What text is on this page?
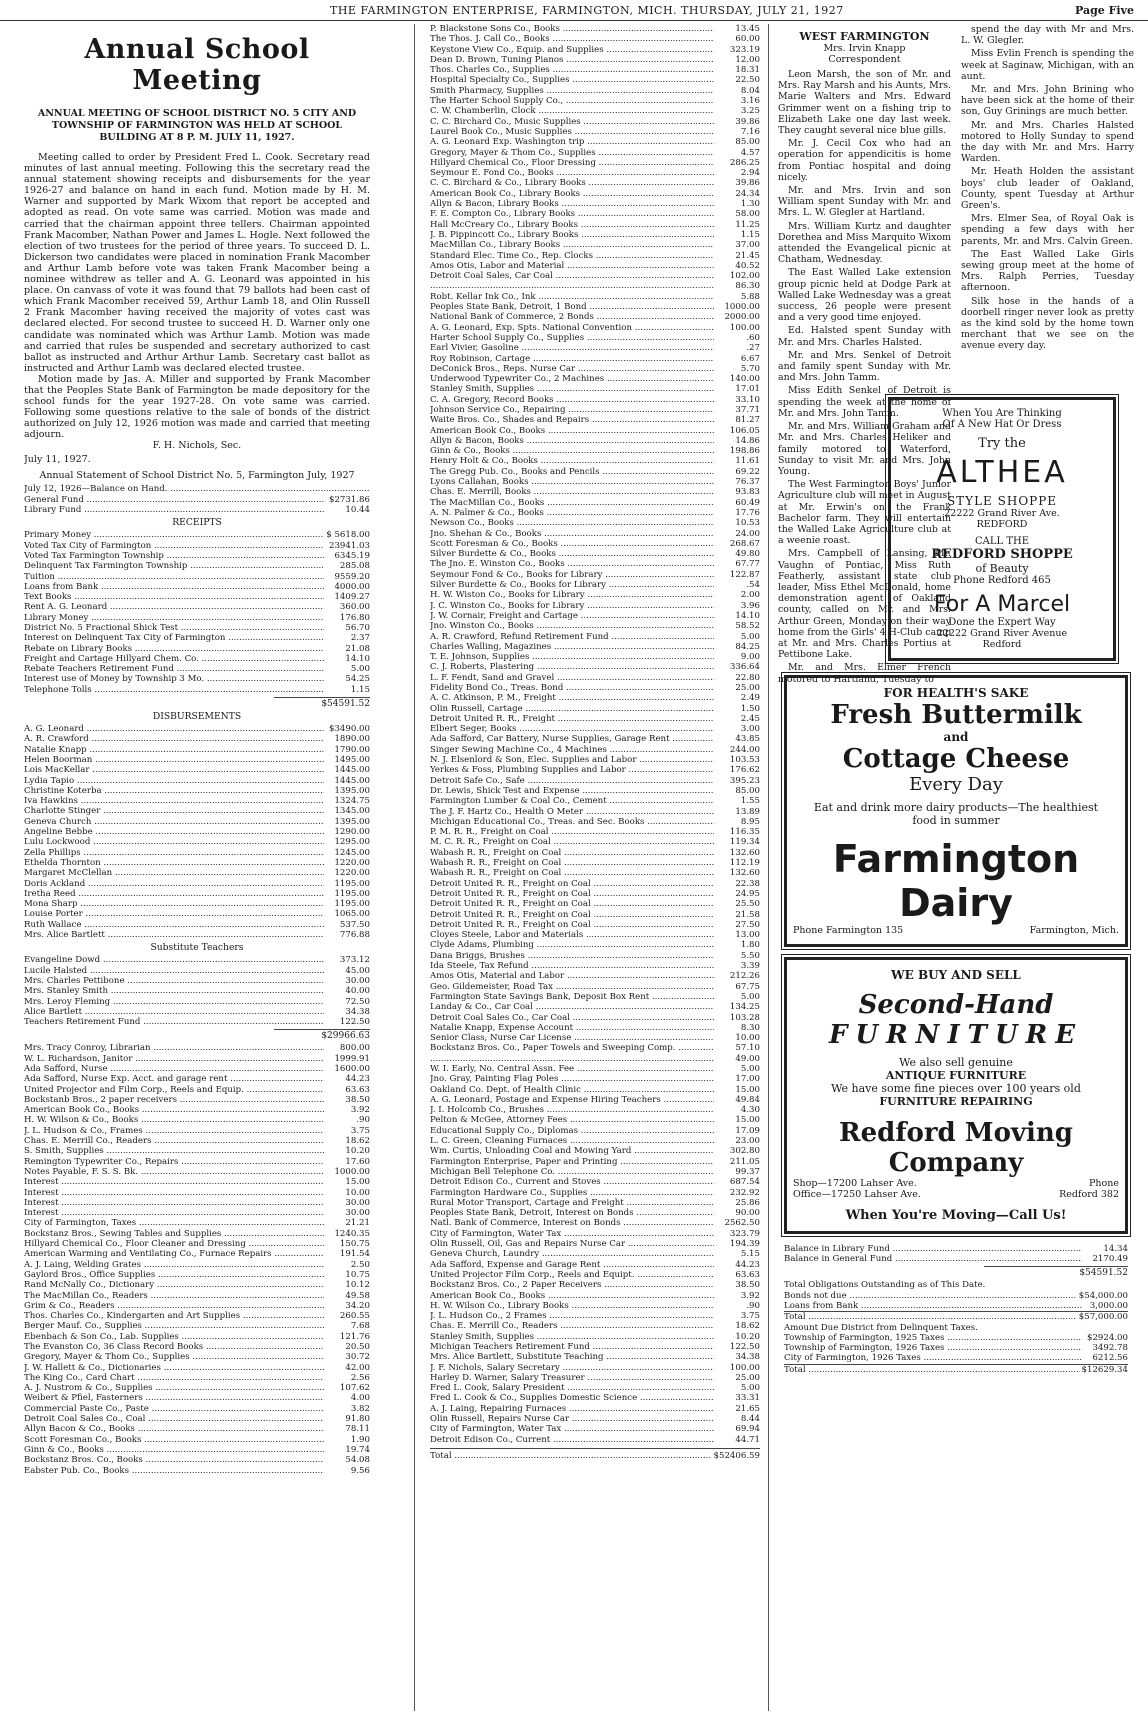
THE FARMINGTON ENTERPRISE, FARMINGTON, MICH. THURSDAY, JULY 21, 1927	Page Five
Annual School Meeting
ANNUAL MEETING OF SCHOOL DISTRICT NO. 5 CITY AND TOWNSHIP OF FARMINGTON WAS HELD AT SCHOOL BUILDING AT 8 P. M. JULY 11, 1927.

Meeting called to order by President Fred L. Cook. Secretary read minutes of last annual meeting. Following this the secretary read the annual statement showing receipts and disbursements for the year 1926-27 and balance on hand in each fund. Motion made by H. M. Warner and supported by Mark Wixom that report be accepted and adopted as read. On vote same was carried. Motion was made and carried that the chairman appoint three tellers. Chairman appointed Frank Macomber, Nathan Power and James L. Hogle. Next followed the election of two trustees for the period of three years. To succeed D. L. Dickerson two candidates were placed in nomination Frank Macomber and Arthur Lamb before vote was taken Frank Macomber being a nominee withdrew as teller and A. G. Leonard was appointed in his place. On canvass of vote it was found that 79 ballots had been cast of which Frank Macomber received 59, Arthur Lamb 18, and Olin Russell 2 Frank Macomber having received the majority of votes cast was declared elected. For second trustee to succeed H. D. Warner only one candidate was nominated which was Arthur Lamb. Motion was made and carried that rules be suspended and secretary authorized to cast ballot as instructed and Arthur Arthur Lamb. Secretary cast ballot as instructed and Arthur Lamb was declared elected trustee.

Motion made by Jas. A. Miller and supported by Frank Macomber that the Peoples State Bank of Farmington be made depository for the school funds for the year 1927-28. On vote same was carried. Following some questions relative to the sale of bonds of the district authorized on July 12, 1926 motion was made and carried that meeting adjourn.

F. H. Nichols, Sec.
July 11, 1927.
Annual Statement of School District No. 5, Farmington July, 1927
July 12, 1926—Balance on Hand. .....
General Fund .....	$2731.86
Library Fund .....	10.44
RECEIPTS
Primary Money .....	$ 5618.00
Voted Tax City of Farmington .....	23941.03
Voted Tax Farmington Township .....	6345.19
Delinquent Tax Farmington Township .....	285.08
Tuition .....	9559.20
Loans from Bank .....	4000.00
Text Books .....	1409.27
Rent A. G. Leonard .....	360.00
Library Money .....	176.80
District No. 5 Fractional Shick Test .....	56.70
Interest on Delinquent Tax City of Farmington .....	2.37
Rebate on Library Books .....	21.08
Freight and Cartage Hillyard Chem. Co. .....	14.10
Rebate Teachers Retirement Fund .....	5.00
Interest use of Money by Township 3 Mo. .....	54.25
Telephone Tolls .....	1.15
$54591.52
DISBURSEMENTS
A. G. Leonard .....	$3490.00
A. R. Crawford .....	1890.00
Natalie Knapp .....	1790.00
Helen Boorman .....	1495.00
Lois MacKellar .....	1445.00
Lydia Tapio .....	1445.00
Christine Koterba .....	1395.00
Iva Hawkins .....	1324.75
Charlotte Stinger .....	1345.00
Geneva Church .....	1395.00
Angeline Bebbe .....	1290.00
Lulu Lockwood .....	1295.00
Zella Phillips .....	1245.00
Ethelda Thornton .....	1220.00
Margaret McClellan .....	1220.00
Doris Ackland .....	1195.00
Iretha Reed .....	1195.00
Mona Sharp .....	1195.00
Louise Porter .....	1065.00
Ruth Wallace .....	537.50
Mrs. Alice Bartlett .....	776.88
Substitute Teachers
Evangeline Dowd .....	373.12
Lucile Halsted .....	45.00
Mrs. Charles Pettibone .....	30.00
Mrs. Stanley Smith .....	40.00
Mrs. Leroy Fleming .....	72.50
Alice Bartlett .....	34.38
Teachers Retirement Fund .....	122.50
$29966.63
Mrs. Tracy Conroy, Librarian .....	800.00
W. L. Richardson, Janitor .....	1999.91
Ada Safford, Nurse .....	1600.00
Ada Safford, Nurse Exp. Acct. and garage rent .....	44.23
United Projector and Film Corp., Reels and Equip. .....	63.63
Bockstanb Bros., 2 paper receivers .....	38.50
American Book Co., Books .....	3.92
H. W. Wilson & Co., Books .....	.90
J. L. Hudson & Co., Frames .....	3.75
Chas. E. Merrill Co., Readers .....	18.62
S. Smith, Supplies .....	10.20
Remington Typewriter Co., Repairs .....	17.60
Notes Payable, F. S. S. Bk. .....	1000.00
Interest .....	15.00
Interest .....	10.00
Interest .....	30.00
Interest .....	30.00
City of Farmington, Taxes .....	21.21
Bockstanz Bros., Sewing Tables and Supplies .....	1240.35
Hillyard Chemical Co., Floor Cleaner and Dressing .....	150.75
American Warming and Ventilating Co., Furnace Repairs .....	191.54
A. J. Laing, Welding Grates .....	2.50
Gaylord Bros., Office Supplies .....	10.75
Rand McNally Co., Dictionary .....	10.12
The MacMillan Co., Readers .....	49.58
Grim & Co., Readers .....	34.20
Thos. Charles Co., Kindergarten and Art Supplies .....	260.55
Berger Mauf. Co., Supplies .....	7.68
Ebenbach & Son Co., Lab. Supplies .....	121.76
The Evanston Co, 36 Class Record Books .....	20.50
Gregory, Mayer & Thom Co., Supplies .....	30.72
J. W. Hallett & Co., Dictionaries .....	42.00
The King Co., Card Chart .....	2.56
A. J. Nustrom & Co., Supplies .....	107.62
Weibert & Pfiel, Fasterners .....	4.00
Commercial Paste Co., Paste .....	3.82
Detroit Coal Sales Co., Coal .....	91.80
Allyn Bacon & Co., Books .....	78.11
Scott Foresman Co., Books .....	1.90
Ginn & Co., Books .....	19.74
Bockstanz Bros. Co., Books .....	54.08
Eabster Pub. Co., Books .....	9.56
P. Blackstone Sons Co., Books .....	13.45
The Thos. J. Call Co., Books .....	60.00
Keystone View Co., Equip. and Supplies .....	323.19
Dean D. Brown, Tuning Pianos .....	12.00
Thos. Charles Co., Supplies .....	18.31
Hospital Specialty Co., Supplies .....	22.50
Smith Pharmacy, Supplies .....	8.04
The Harter School Supply Co., .....	3.16
C. W. Chamberlin, Clock .....	3.25
C. C. Birchard Co., Music Supplies .....	39.86
Laurel Book Co., Music Supplies .....	7.16
A. G. Leonard Exp. Washington trip .....	85.00
Gregory, Mayer & Thom Co., Supplies .....	4.57
Hillyard Chemical Co., Floor Dressing .....	286.25
Seymour E. Fond Co., Books .....	2.94
C. C. Birchard & Co., Library Books .....	39.86
American Book Co., Library Books .....	24.34
Allyn & Bacon, Library Books .....	1.30
F. E. Compton Co., Library Books .....	58.00
Hall McCreary Co., Library Books .....	11.25
J. B. Pippincott Co., Library Books .....	1.15
MacMillan Co., Library Books .....	37.00
Standard Elec. Time Co., Rep. Clocks .....	21.45
Amos Otis, Labor and Material .....	40.52
Detroit Coal Sales, Car Coal .....	102.00
.....
86.30
Robt. Kellar Ink Co., Ink .....	5.88
Peoples State Bank, Detroit, 1 Bond .....	1000.00
National Bank of Commerce, 2 Bonds .....	2000.00
A. G. Leonard, Exp. Spts. National Convention .....	100.00
Harter School Supply Co., Supplies .....	.60
Earl Vivier, Gasoline .....	.27
Roy Robinson, Cartage .....	6.67
DeConick Bros., Reps. Nurse Car .....	5.70
Underwood Typewriter Co., 2 Machines .....	140.00
Stanley Smith, Supplies .....	17.01
C. A. Gregory, Record Books .....	33.10
Johnson Service Co., Repairing .....	37.71
Waite Bros. Co., Shades and Repairs .....	81.27
American Book Co., Books .....	106.05
Allyn & Bacon, Books .....	14.86
Ginn & Co., Books .....	198.86
Henry Holt & Co., Books .....	11.61
The Gregg Pub. Co., Books and Pencils .....	69.22
Lyons Callahan, Books .....	76.37
Chas. E. Merrill, Books .....	93.83
The MacMillan Co., Books .....	60.49
A. N. Palmer & Co., Books .....	17.76
Newson Co., Books .....	10.53
Jno. Shehan & Co., Books .....	24.00
Scott Foresman & Co., Books .....	268.67
Silver Burdette & Co., Books .....	49.80
The Jno. E. Winston Co., Books .....	67.77
Seymour Fond & Co., Books for Library .....	122.87
Silver Burdette & Co., Books for Library .....	.54
H. W. Wiston Co., Books for Library .....	2.00
J. C. Winston Co., Books for Library .....	3.96
J. W. Cornair, Freight and Cartage .....	14.10
Jno. Winston Co., Books .....	58.52
A. R. Crawford, Refund Retirement Fund .....	5.00
Charles Walling, Magazines .....	84.25
T. E. Johnson, Supplies .....	9.00
C. J. Roberts, Plastering .....	336.64
L. F. Fendt, Sand and Gravel .....	22.80
Fidelity Bond Co., Treas. Bond .....	25.00
A. C. Atkinson, P. M., Freight .....	2.49
Olin Russell, Cartage .....	1.50
Detroit United R. R., Freight .....	2.45
Elbert Seger, Books .....	3.00
Ada Safford, Car Battery, Nurse Supplies, Garage Rent .....	43.85
Singer Sewing Machine Co., 4 Machines .....	244.00
N. J. Elsenlord & Son, Elec. Supplies and Labor .....	103.53
Yerkes & Foss, Plumbing Supplies and Labor .....	176.62
Detroit Safe Co., Safe .....	395.23
Dr. Lewis, Shick Test and Expense .....	85.00
Farmington Lumber & Coal Co., Cement .....	1.55
The J. F. Hartz Co., Health O Meter .....	13.89
Michigan Educational Co., Treas. and Sec. Books .....	8.95
P. M. R. R., Freight on Coal .....	116.35
M. C. R. R., Freight on Coal .....	119.34
Wabash R. R., Freight on Coal .....	132.60
Wabash R. R., Freight on Coal .....	112.19
Wabash R. R., Freight on Coal .....	132.60
Detroit United R. R., Freight on Coal .....	22.38
Detroit United R. R., Freight on Coal .....	24.95
Detroit United R. R., Freight on Coal .....	25.50
Detroit United R. R., Freight on Coal .....	21.58
Detroit United R. R., Freight on Coal .....	27.50
Cloyes Steele, Labor and Materials .....	13.00
Clyde Adams, Plumbing .....	1.80
Dana Briggs, Brushes .....	5.50
Ida Steele, Tax Refund .....	3.39
Amos Otis, Material and Labor .....	212.26
Geo. Gildemeister, Road Tax .....	67.75
Farmington State Savings Bank, Deposit Box Rent .....	5.00
Landay & Co., Car Coal .....	134.25
Detroit Coal Sales Co., Car Coal .....	103.28
Natalie Knapp, Expense Account .....	8.30
Senior Class, Nurse Car License .....	10.00
Bockstanz Bros. Co., Paper Towels and Sweeping Comp. .....	57.10
.....
49.00
W. I. Early, No. Central Assn. Fee .....	5.00
Jno. Gray, Painting Flag Poles .....	17.00
Oakland Co. Dept. of Health Clinic .....	15.00
A. G. Leonard, Postage and Expense Hiring Teachers .....	49.84
J. I. Holcomb Co., Brushes .....	4.30
Pelton & McGee, Attorney Fees .....	15.00
Educational Supply Co., Diplomas .....	17.09
L. C. Green, Cleaning Furnaces .....	23.00
Wm. Curtis, Unloading Coal and Mowing Yard .....	302.80
Farmington Enterprise, Paper and Printing .....	211.05
Michigan Bell Telephone Co. .....	99.37
Detroit Edison Co., Current and Stoves .....	687.54
Farmington Hardware Co., Supplies .....	232.92
Rural Motor Transport, Cartage and Freight .....	25.86
Peoples State Bank, Detroit, Interest on Bonds .....	90.00
Natl. Bank of Commerce, Interest on Bonds .....	2562.50
City of Farmington, Water Tax .....	323.79
Olin Russell, Oil, Gas and Repairs Nurse Car .....	194.39
Geneva Church, Laundry .....	5.15
Ada Safford, Expense and Garage Rent .....	44.23
United Projector Film Corp., Reels and Equipt. .....	63.63
Bockstanz Bros. Co., 2 Paper Receivers .....	38.50
American Book Co., Books .....	3.92
H. W. Wilson Co., Library Books .....	.90
J. L. Hudson Co., 2 Frames .....	3.75
Chas. E. Merrill Co., Readers .....	18.62
Stanley Smith, Supplies .....	10.20
Michigan Teachers Retirement Fund .....	122.50
Mrs. Alice Bartlett, Substitute Teaching .....	34.38
J. F. Nichols, Salary Secretary .....	100.00
Harley D. Warner, Salary Treasurer .....	25.00
Fred L. Cook, Salary President .....	5.00
Fred L. Cook & Co., Supplies Domestic Science .....	33.31
A. J. Laing, Repairing Furnaces .....	21.65
Olin Russell, Repairs Nurse Car .....	8.44
City of Farmington, Water Tax .....	69.94
Detroit Edison Co., Current .....	44.71
Total .....	$52406.59
WEST FARMINGTON
Mrs. Irvin Knapp
Correspondent

Leon Marsh, the son of Mr. and Mrs. Ray Marsh and his Aunts, Mrs. Marie Walters and Mrs. Edward Grimmer went on a fishing trip to Elizabeth Lake one day last week. They caught several nice blue gills.

Mr. J. Cecil Cox who had an operation for appendicitis is home from Pontiac hospital and doing nicely.

Mr. and Mrs. Irvin and son William spent Sunday with Mr. and Mrs. L. W. Glegler at Hartland.

Mrs. William Kurtz and daughter Dorethea and Miss Marquito Wixom attended the Evangelical picnic at Chatham, Wednesday.

The East Walled Lake extension group picnic held at Dodge Park at Walled Lake Wednesday was a great success, 26 people were present and a very good time enjoyed.

Ed. Halsted spent Sunday with Mr. and Mrs. Charles Halsted.

Mr. and Mrs. Senkel of Detroit and family spent Sunday with Mr. and Mrs. John Tamm.

Miss Edith Senkel of Detroit is spending the week at the home of Mr. and Mrs. John Tamm.

Mr. and Mrs. William Graham and Mr. and Mrs. Charles Heliker and family motored to Waterford, Sunday to visit Mr. and Mrs. John Young.

The West Farmington Boys' Junior Agriculture club will meet in August at Mr. Erwin's on the Frank Bachelor farm. They will entertain the Walled Lake Agriculture club at a weenie roast.

Mrs. Campbell of Lansing, Mr. Vaughn of Pontiac, Miss Ruth Featherly, assistant state club leader, Miss Ethel McDonald, home demonstration agent of Oakland county, called on Mr. and Mrs. Arthur Green, Monday on their way home from the Girls' 4 H-Club camp at Mr. and Mrs. Charles Portius at Pettibone Lake.

Mr. and Mrs. Elmer French motored to Hartland, Tuesday to

spend the day with Mr and Mrs. L. W. Glegler.

Miss Evlin French is spending the week at Saginaw, Michigan, with an aunt.

Mr. and Mrs. John Brining who have been sick at the home of their son, Guy Grinings are much better.

Mr. and Mrs. Charles Halsted motored to Holly Sunday to spend the day with Mr. and Mrs. Harry Warden.

Mr. Heath Holden the assistant boys' club leader of Oakland, County, spent Tuesday at Arthur Green's.

Mrs. Elmer Sea, of Royal Oak is spending a few days with her parents, Mr. and Mrs. Calvin Green.

The East Walled Lake Girls sewing group meet at the home of Mrs. Ralph Perries, Tuesday afternoon.

Silk hose in the hands of a doorbell ringer never look as pretty as the kind sold by the home town merchant that we see on the avenue every day.

When You Are Thinking
Of A New Hat Or Dress
Try the
ALTHEA
STYLE SHOPPE
22222 Grand River Ave.
REDFORD
CALL THE
REDFORD SHOPPE
of Beauty
Phone Redford 465
For A Marcel
Done the Expert Way
22222 Grand River Avenue
Redford
FOR HEALTH'S SAKE
Fresh Buttermilk
and
Cottage Cheese
Every Day
Eat and drink more dairy products—The healthiest
food in summer
Farmington Dairy
Phone Farmington 135	Farmington, Mich.
WE BUY AND SELL
Second-Hand
FURNITURE
We also sell genuine
ANTIQUE FURNITURE
We have some fine pieces over 100 years old
FURNITURE REPAIRING
Redford Moving Company
Shop—17200 Lahser Ave.
Office—17250 Lahser Ave.
Phone
Redford 382
When You're Moving—Call Us!
Balance in Library Fund .....	14.34
Balance in General Fund .....	2170.49
$54591.52
Total Obligations Outstanding as of This Date.
Bonds not due .....	$54,000.00
Loans from Bank .....	3,000.00
Total .....	$57,000.00
Amount Due District from Delinquent Taxes.
Township of Farmington, 1925 Taxes .....	$2924.00
Township of Farmington, 1926 Taxes .....	3492.78
City of Farmington, 1926 Taxes .....	6212.56
Total .....	$12629.34
